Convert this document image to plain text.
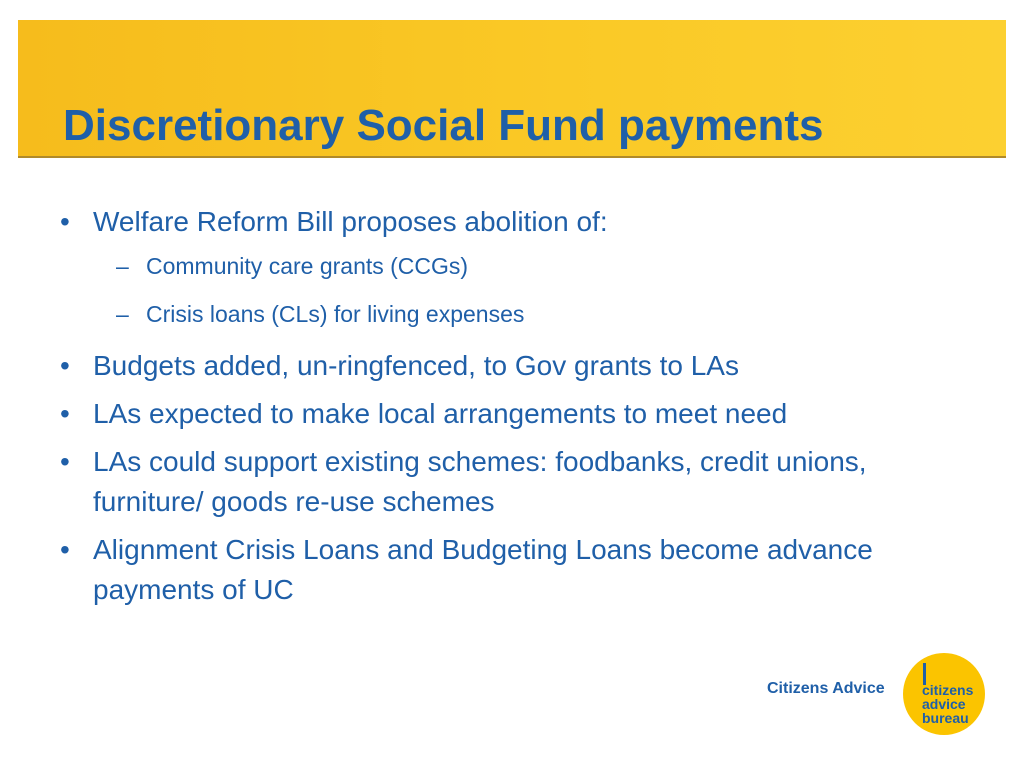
Discretionary Social Fund payments
• Welfare Reform Bill proposes abolition of:
– Community care grants (CCGs)
– Crisis loans (CLs) for living expenses
• Budgets added, un-ringfenced, to Gov grants to LAs
• LAs expected to make local arrangements to meet need
• LAs could support existing schemes: foodbanks, credit unions, furniture/ goods re-use schemes
• Alignment Crisis Loans and Budgeting Loans become advance payments of UC
Citizens Advice	citizens
advice
bureau
